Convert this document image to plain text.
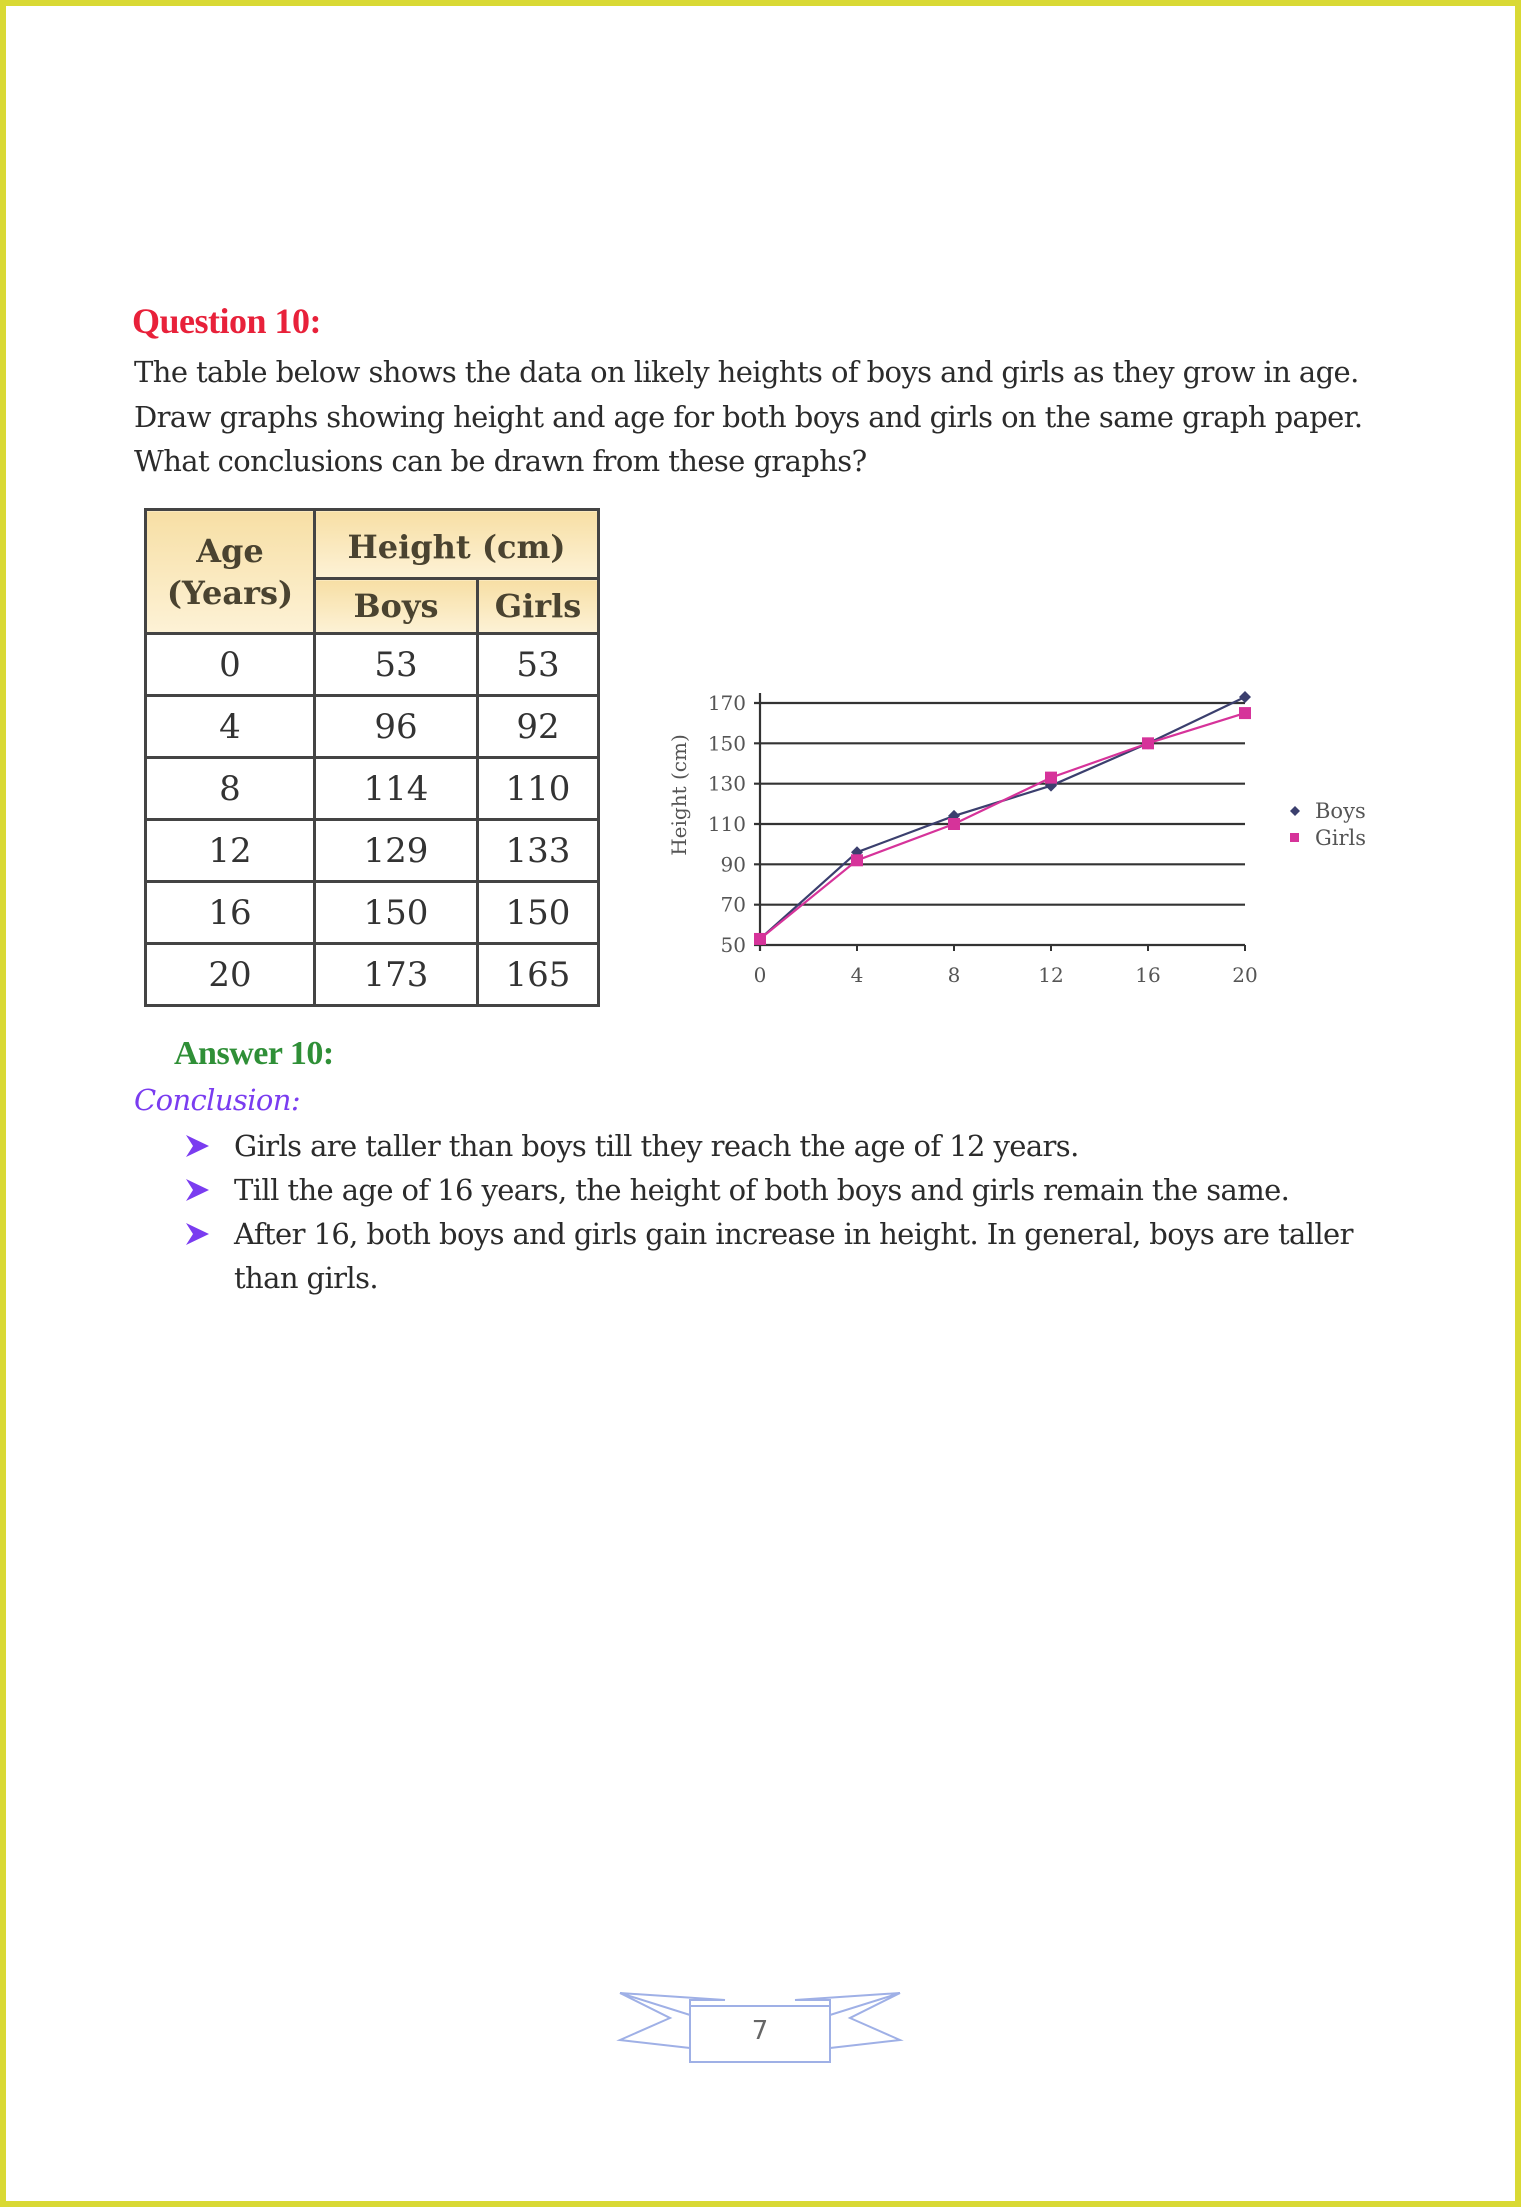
Question 10:
The table below shows the data on likely heights of boys and girls as they grow in age.
Draw graphs showing height and age for both boys and girls on the same graph paper.
What conclusions can be drawn from these graphs?
Age
(Years)	Height (cm)	
	Boys	Girls
0	53	53
4	96	92
8	114	110
12	129	133
16	150	150
20	173	165
50
70
90
110
130
150
170
0	4	8	12	16	20
Height (cm)	Boys
Girls
Answer 10:
Conclusion:
Girls are taller than boys till they reach the age of 12 years.
Till the age of 16 years, the height of both boys and girls remain the same.
After 16, both boys and girls gain increase in height. In general, boys are taller than girls.
7
